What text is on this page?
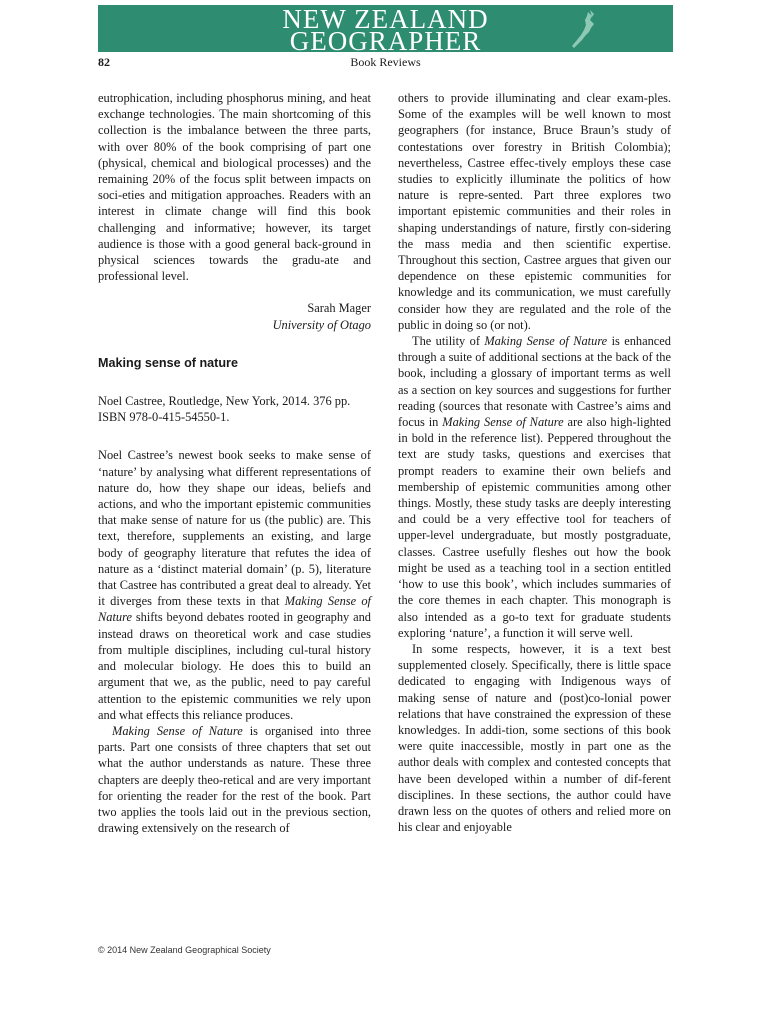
NEW ZEALAND
GEOGRAPHER
82	Book Reviews

eutrophication, including phosphorus mining, and heat exchange technologies. The main shortcoming of this collection is the imbalance between the three parts, with over 80% of the book comprising of part one (physical, chemical and biological processes) and the remaining 20% of the focus split between impacts on soci-eties and mitigation approaches. Readers with an interest in climate change will find this book challenging and informative; however, its target audience is those with a good general back-ground in physical sciences towards the gradu-ate and professional level.

Sarah Mager

University of Otago

Making sense of nature

Noel Castree, Routledge, New York, 2014. 376 pp. ISBN 978-0-415-54550-1.

Noel Castree’s newest book seeks to make sense of ‘nature’ by analysing what different representations of nature do, how they shape our ideas, beliefs and actions, and who the important epistemic communities that make sense of nature for us (the public) are. This text, therefore, supplements an existing, and large body of geography literature that refutes the idea of nature as a ‘distinct material domain’ (p. 5), literature that Castree has contributed a great deal to already. Yet it diverges from these texts in that Making Sense of Nature shifts beyond debates rooted in geography and instead draws on theoretical work and case studies from multiple disciplines, including cul-tural history and molecular biology. He does this to build an argument that we, as the public, need to pay careful attention to the epistemic communities we rely upon and what effects this reliance produces.

Making Sense of Nature is organised into three parts. Part one consists of three chapters that set out what the author understands as nature. These three chapters are deeply theo-retical and are very important for orienting the reader for the rest of the book. Part two applies the tools laid out in the previous section, drawing extensively on the research of

others to provide illuminating and clear exam-ples. Some of the examples will be well known to most geographers (for instance, Bruce Braun’s study of contestations over forestry in British Colombia); nevertheless, Castree effec-tively employs these case studies to explicitly illuminate the politics of how nature is repre-sented. Part three explores two important epistemic communities and their roles in shaping understandings of nature, firstly con-sidering the mass media and then scientific expertise. Throughout this section, Castree argues that given our dependence on these epistemic communities for knowledge and its communication, we must carefully consider how they are regulated and the role of the public in doing so (or not).

The utility of Making Sense of Nature is enhanced through a suite of additional sections at the back of the book, including a glossary of important terms as well as a section on key sources and suggestions for further reading (sources that resonate with Castree’s aims and focus in Making Sense of Nature are also high-lighted in bold in the reference list). Peppered throughout the text are study tasks, questions and exercises that prompt readers to examine their own beliefs and membership of epistemic communities among other things. Mostly, these study tasks are deeply interesting and could be a very effective tool for teachers of upper-level undergraduate, but mostly postgraduate, classes. Castree usefully fleshes out how the book might be used as a teaching tool in a section entitled ‘how to use this book’, which includes summaries of the core themes in each chapter. This monograph is also intended as a go-to text for graduate students exploring ‘nature’, a function it will serve well.

In some respects, however, it is a text best supplemented closely. Specifically, there is little space dedicated to engaging with Indigenous ways of making sense of nature and (post)co-lonial power relations that have constrained the expression of these knowledges. In addi-tion, some sections of this book were quite inaccessible, mostly in part one as the author deals with complex and contested concepts that have been developed within a number of dif-ferent disciplines. In these sections, the author could have drawn less on the quotes of others and relied more on his clear and enjoyable

© 2014 New Zealand Geographical Society
